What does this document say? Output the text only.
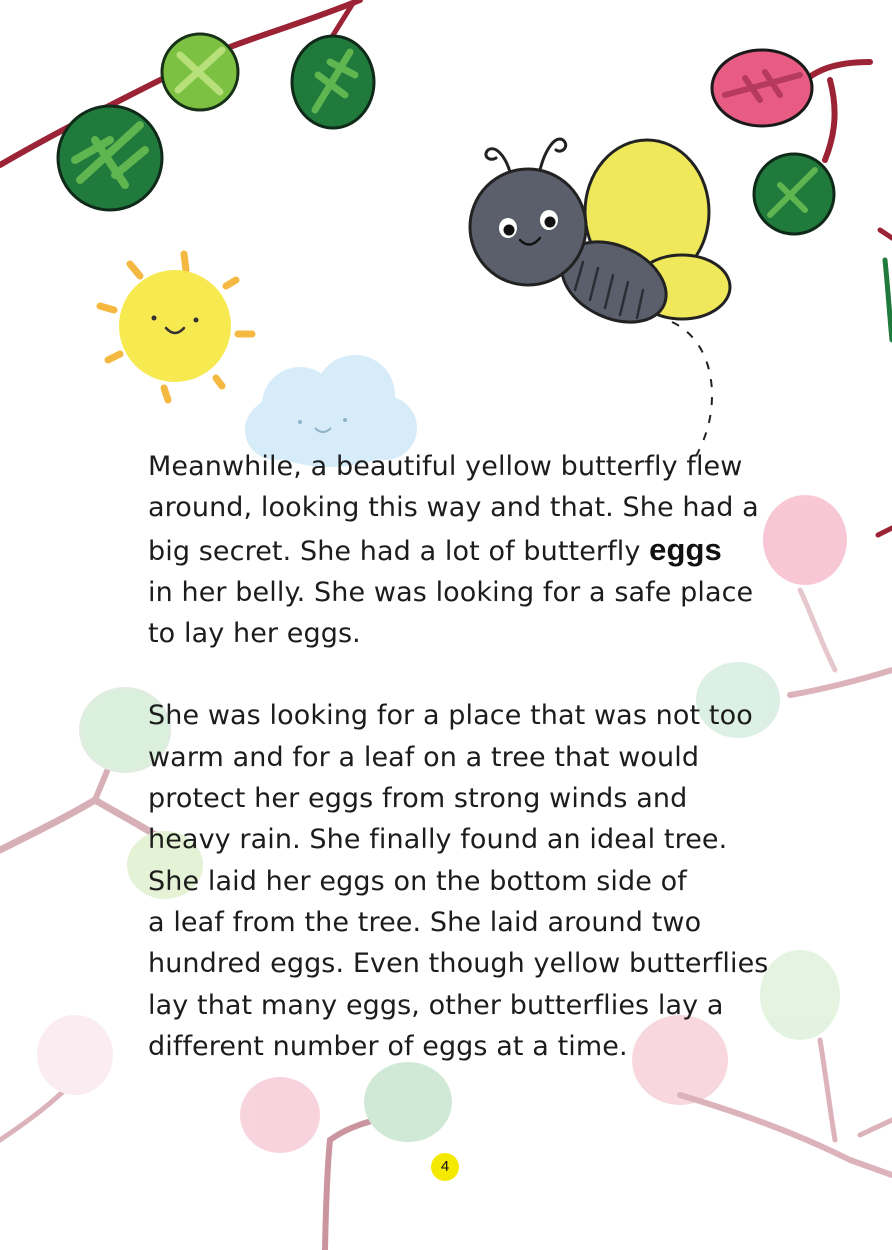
Meanwhile, a beautiful yellow butterfly flew
around, looking this way and that. She had a
big secret. She had a lot of butterfly eggs
in her belly. She was looking for a safe place
to lay her eggs.

She was looking for a place that was not too
warm and for a leaf on a tree that would
protect her eggs from strong winds and
heavy rain. She finally found an ideal tree.
She laid her eggs on the bottom side of
a leaf from the tree. She laid around two
hundred eggs. Even though yellow butterflies
lay that many eggs, other butterflies lay a
different number of eggs at a time.

4
